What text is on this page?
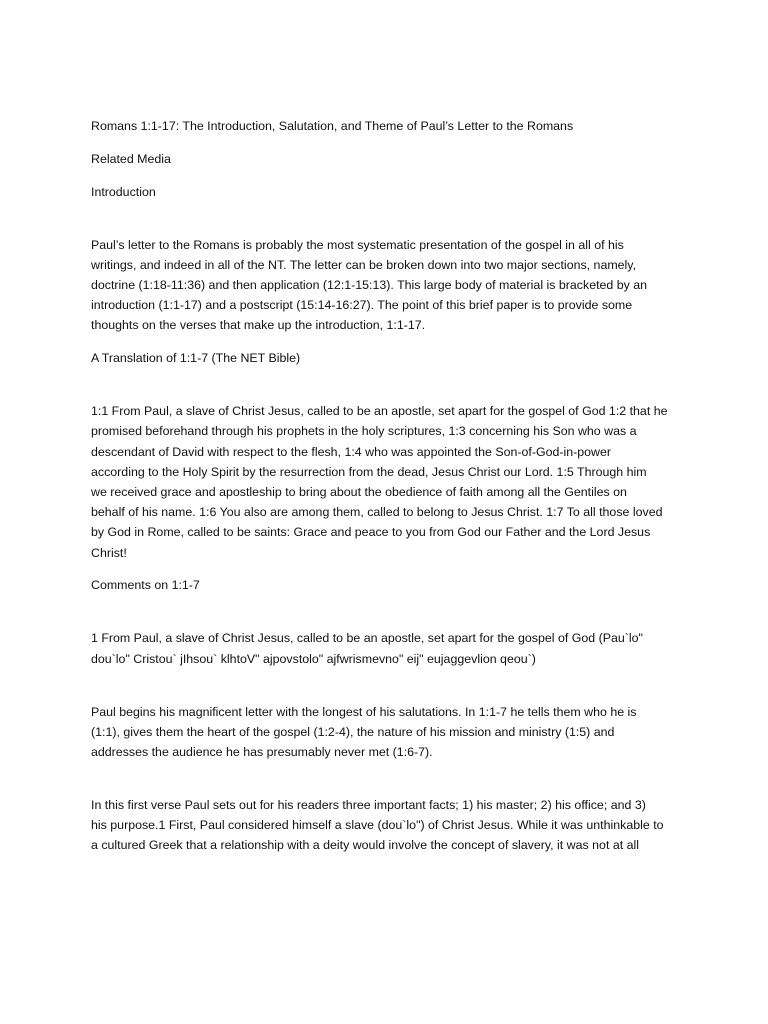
Romans 1:1-17: The Introduction, Salutation, and Theme of Paul’s Letter to the Romans

Related Media

Introduction

Paul’s letter to the Romans is probably the most systematic presentation of the gospel in all of his
writings, and indeed in all of the NT. The letter can be broken down into two major sections, namely,
doctrine (1:18-11:36) and then application (12:1-15:13). This large body of material is bracketed by an
introduction (1:1-17) and a postscript (15:14-16:27). The point of this brief paper is to provide some
thoughts on the verses that make up the introduction, 1:1-17.

A Translation of 1:1-7 (The NET Bible)

1:1 From Paul, a slave of Christ Jesus, called to be an apostle, set apart for the gospel of God 1:2 that he
promised beforehand through his prophets in the holy scriptures, 1:3 concerning his Son who was a
descendant of David with respect to the flesh, 1:4 who was appointed the Son-of-God-in-power
according to the Holy Spirit by the resurrection from the dead, Jesus Christ our Lord. 1:5 Through him
we received grace and apostleship to bring about the obedience of faith among all the Gentiles on
behalf of his name. 1:6 You also are among them, called to belong to Jesus Christ. 1:7 To all those loved
by God in Rome, called to be saints: Grace and peace to you from God our Father and the Lord Jesus
Christ!

Comments on 1:1-7

1 From Paul, a slave of Christ Jesus, called to be an apostle, set apart for the gospel of God (Pau`lo"
dou`lo" Cristou` jIhsou` klhtoV" ajpovstolo" ajfwrismevno" eij" eujaggevlion qeou`)

Paul begins his magnificent letter with the longest of his salutations. In 1:1-7 he tells them who he is
(1:1), gives them the heart of the gospel (1:2-4), the nature of his mission and ministry (1:5) and
addresses the audience he has presumably never met (1:6-7).

In this first verse Paul sets out for his readers three important facts; 1) his master; 2) his office; and 3)
his purpose.1 First, Paul considered himself a slave (dou`lo") of Christ Jesus. While it was unthinkable to
a cultured Greek that a relationship with a deity would involve the concept of slavery, it was not at all
